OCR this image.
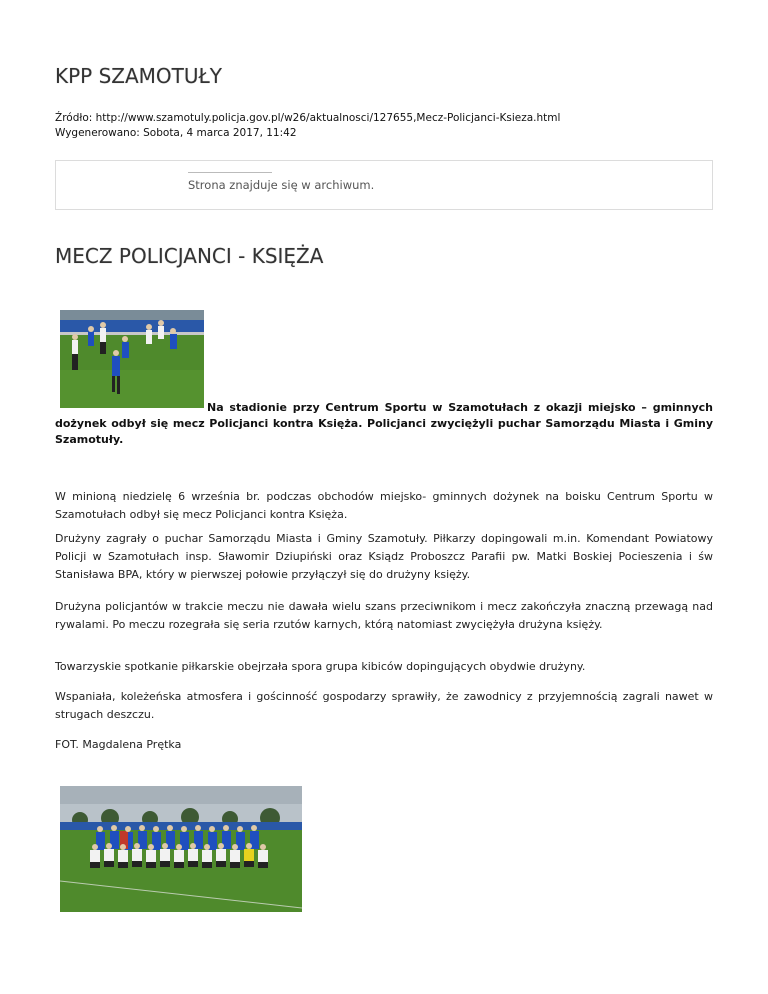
KPP SZAMOTUŁY
Źródło: http://www.szamotuly.policja.gov.pl/w26/aktualnosci/127655,Mecz-Policjanci-Ksieza.html
Wygenerowano: Sobota, 4 marca 2017, 11:42
Strona znajduje się w archiwum.
MECZ POLICJANCI - KSIĘŻA
Na stadionie przy Centrum Sportu w Szamotułach z okazji miejsko – gminnych dożynek odbył się mecz Policjanci kontra Księża. Policjanci zwyciężyli puchar Samorządu Miasta i Gminy Szamotuły.

W minioną niedzielę 6 września br. podczas obchodów miejsko- gminnych dożynek na boisku Centrum Sportu w Szamotułach odbył się mecz Policjanci kontra Księża.

Drużyny zagrały o puchar Samorządu Miasta i Gminy Szamotuły. Piłkarzy dopingowali m.in. Komendant Powiatowy Policji w Szamotułach insp. Sławomir Dziupiński oraz Ksiądz Proboszcz Parafii pw. Matki Boskiej Pocieszenia i św Stanisława BPA, który w pierwszej połowie przyłączył się do drużyny księży.

Drużyna policjantów w trakcie meczu nie dawała wielu szans przeciwnikom i mecz zakończyła znaczną przewagą nad rywalami. Po meczu rozegrała się seria rzutów karnych, którą natomiast zwyciężyła drużyna księży.

Towarzyskie spotkanie piłkarskie obejrzała spora grupa kibiców dopingujących obydwie drużyny.

Wspaniała, koleżeńska atmosfera i gościnność gospodarzy sprawiły, że zawodnicy z przyjemnością zagrali nawet w strugach deszczu.

FOT. Magdalena Prętka
